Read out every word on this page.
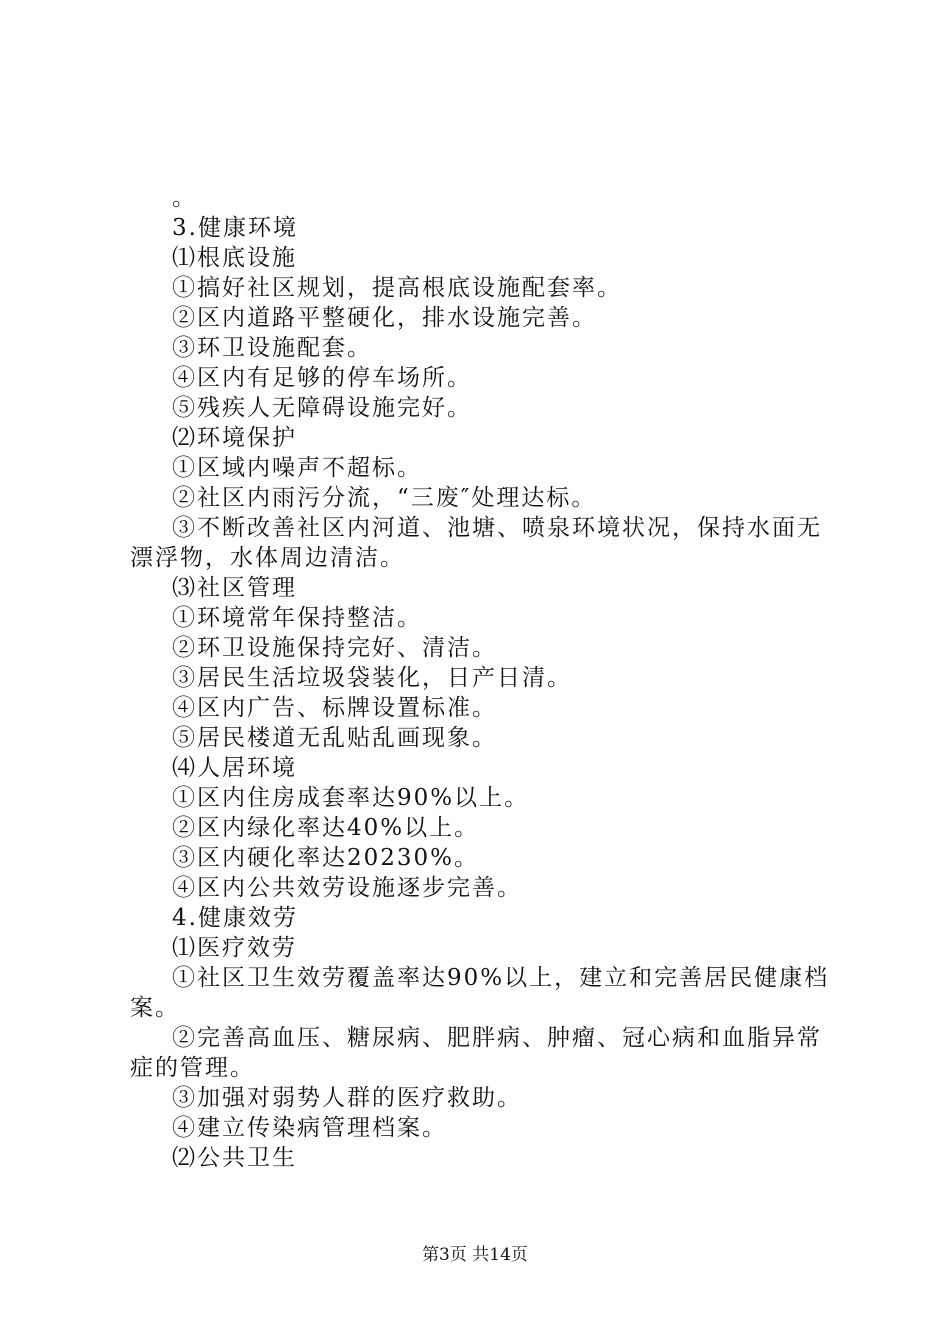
。
3.健康环境
⑴根底设施
①搞好社区规划，提高根底设施配套率。
②区内道路平整硬化，排水设施完善。
③环卫设施配套。
④区内有足够的停车场所。
⑤残疾人无障碍设施完好。
⑵环境保护
①区域内噪声不超标。
②社区内雨污分流，“三废″处理达标。
③不断改善社区内河道、池塘、喷泉环境状况，保持水面无漂浮物，水体周边清洁。
⑶社区管理
①环境常年保持整洁。
②环卫设施保持完好、清洁。
③居民生活垃圾袋装化，日产日清。
④区内广告、标牌设置标准。
⑤居民楼道无乱贴乱画现象。
⑷人居环境
①区内住房成套率达90%以上。
②区内绿化率达40%以上。
③区内硬化率达20230%。
④区内公共效劳设施逐步完善。
4.健康效劳
⑴医疗效劳
①社区卫生效劳覆盖率达90%以上，建立和完善居民健康档案。
②完善高血压、糖尿病、肥胖病、肿瘤、冠心病和血脂异常症的管理。
③加强对弱势人群的医疗救助。
④建立传染病管理档案。
⑵公共卫生
第3页 共14页
